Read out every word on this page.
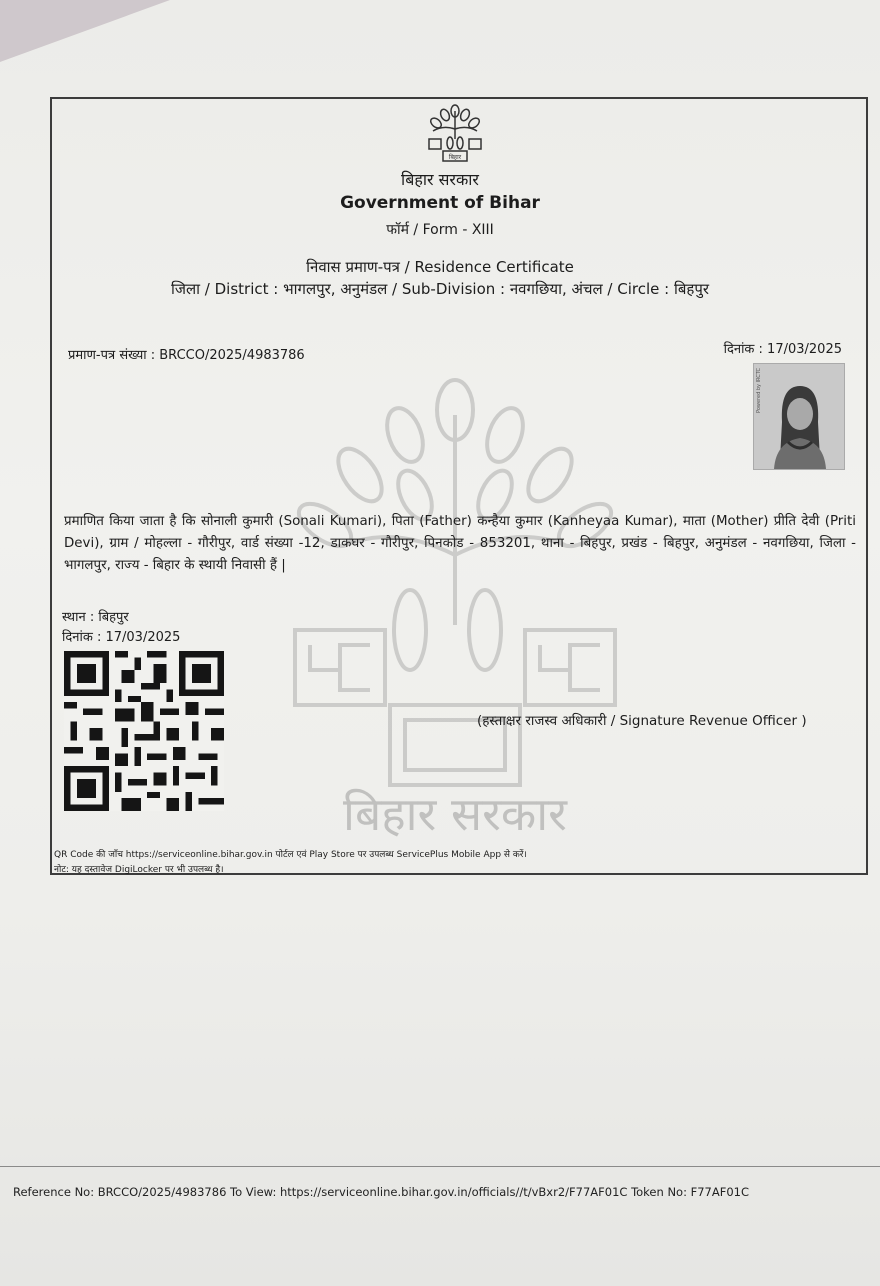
बिहार सरकार
बिहार

बिहार सरकार

Government of Bihar

फॉर्म / Form - XIII

निवास प्रमाण-पत्र / Residence Certificate

जिला / District : भागलपुर, अनुमंडल / Sub-Division : नवगछिया, अंचल / Circle : बिहपुर

प्रमाण-पत्र संख्या : BRCCO/2025/4983786	दिनांक : 17/03/2025
Powered by IRCTC

प्रमाणित किया जाता है कि सोनाली कुमारी (Sonali Kumari), पिता (Father) कन्हैया कुमार (Kanheyaa Kumar), माता (Mother) प्रीति देवी (Priti Devi), ग्राम / मोहल्ला - गौरीपुर, वार्ड संख्या -12, डाकघर - गौरीपुर, पिनकोड - 853201, थाना - बिहपुर, प्रखंड - बिहपुर, अनुमंडल - नवगछिया, जिला - भागलपुर, राज्य - बिहार के स्थायी निवासी हैं |

स्थान : बिहपुर
दिनांक : 17/03/2025
(हस्ताक्षर राजस्व अधिकारी / Signature Revenue Officer )
QR Code की जाँच https://serviceonline.bihar.gov.in पोर्टल एवं Play Store पर उपलब्ध ServicePlus Mobile App से करें।
नोट: यह दस्तावेज DigiLocker पर भी उपलब्ध है।
Reference No: BRCCO/2025/4983786 To View: https://serviceonline.bihar.gov.in/officials//t/vBxr2/F77AF01C Token No: F77AF01C
